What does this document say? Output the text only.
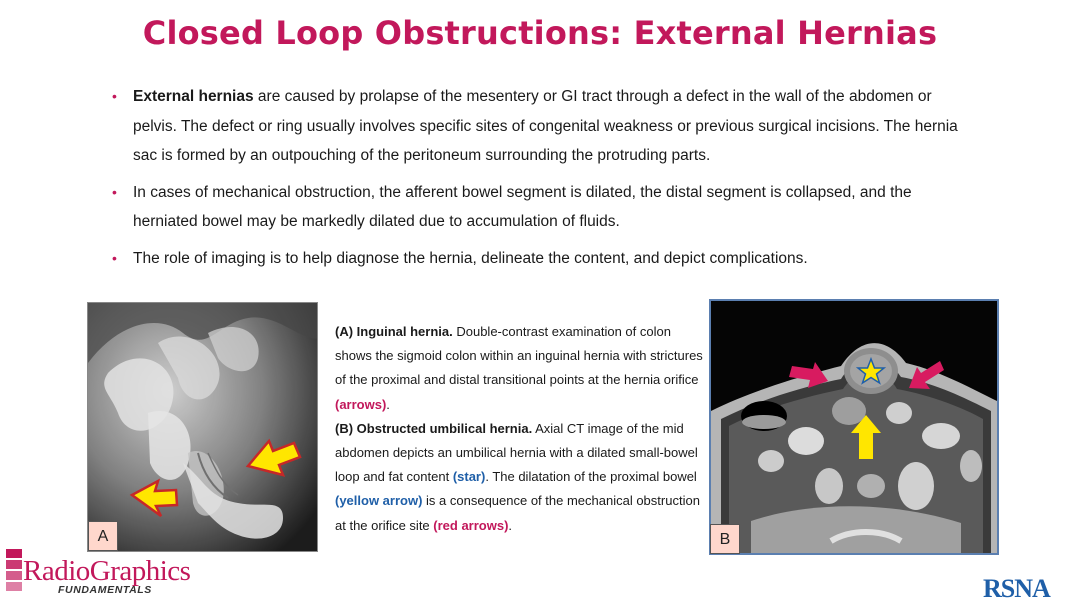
Closed Loop Obstructions: External Hernias
• External hernias are caused by prolapse of the mesentery or GI tract through a defect in the wall of the abdomen or pelvis. The defect or ring usually involves specific sites of congenital weakness or previous surgical incisions. The hernia sac is formed by an outpouching of the peritoneum surrounding the protruding parts.
• In cases of mechanical obstruction, the afferent bowel segment is dilated, the distal segment is collapsed, and the herniated bowel may be markedly dilated due to accumulation of fluids.
• The role of imaging is to help diagnose the hernia, delineate the content, and depict complications.
A
(A) Inguinal hernia. Double-contrast examination of colon shows the sigmoid colon within an inguinal hernia with strictures of the proximal and distal transitional points at the hernia orifice (arrows).
(B) Obstructed umbilical hernia. Axial CT image of the mid abdomen depicts an umbilical hernia with a dilated small-bowel loop and fat content (star). The dilatation of the proximal bowel (yellow arrow) is a consequence of the mechanical obstruction at the orifice site (red arrows).
B
RadioGraphics
FUNDAMENTALS	RSNA
